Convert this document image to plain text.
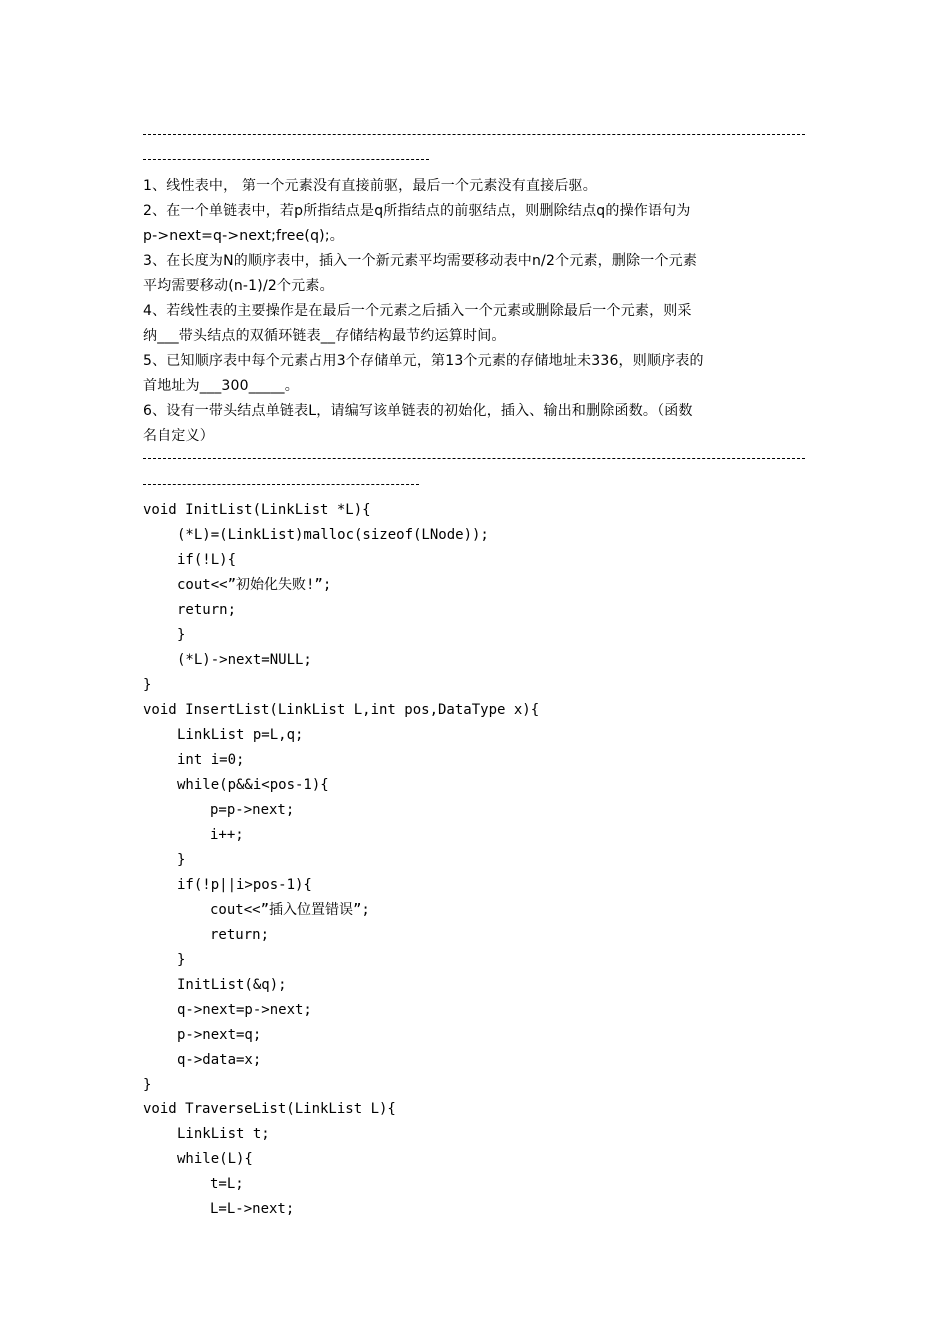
1、线性表中， 第一个元素没有直接前驱，最后一个元素没有直接后驱。
2、在一个单链表中，若p所指结点是q所指结点的前驱结点，则删除结点q的操作语句为
p->next=q->next;free(q);。
3、在长度为N的顺序表中，插入一个新元素平均需要移动表中n/2个元素，删除一个元素
平均需要移动(n-1)/2个元素。
4、若线性表的主要操作是在最后一个元素之后插入一个元素或删除最后一个元素，则采
纳___带头结点的双循环链表__存储结构最节约运算时间。
5、已知顺序表中每个元素占用3个存储单元，第13个元素的存储地址未336，则顺序表的
首地址为___300_____。
6、设有一带头结点单链表L，请编写该单链表的初始化，插入、输出和删除函数。（函数
名自定义）
void InitList(LinkList *L){
(*L)=(LinkList)malloc(sizeof(LNode));
if(!L){
cout<<”初始化失败!”;
return;
}
(*L)->next=NULL;
}
void InsertList(LinkList L,int pos,DataType x){
LinkList p=L,q;
int i=0;
while(p&&i<pos-1){
p=p->next;
i++;
}
if(!p||i>pos-1){
cout<<”插入位置错误”;
return;
}
InitList(&q);
q->next=p->next;
p->next=q;
q->data=x;
}
void TraverseList(LinkList L){
LinkList t;
while(L){
t=L;
L=L->next;
